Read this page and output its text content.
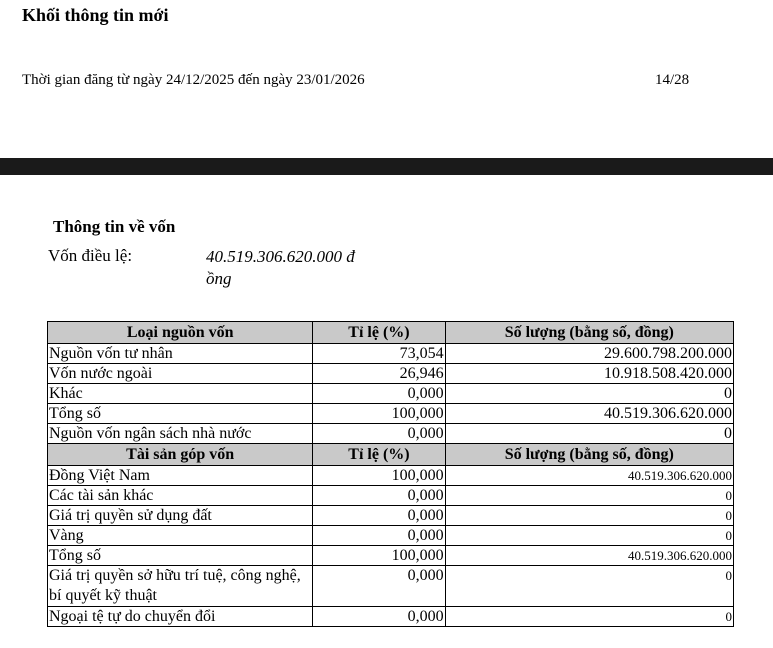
Khối thông tin mới
Thời gian đăng từ ngày 24/12/2025 đến ngày 23/01/2026	14/28
Thông tin về vốn
Vốn điều lệ:	40.519.306.620.000 đồng
Loại nguồn vốn	Tỉ lệ (%)	Số lượng (bằng số, đồng)
Nguồn vốn tư nhân	73,054	29.600.798.200.000
Vốn nước ngoài	26,946	10.918.508.420.000
Khác	0,000	0
Tổng số	100,000	40.519.306.620.000
Nguồn vốn ngân sách nhà nước	0,000	0
Tài sản góp vốn	Tỉ lệ (%)	Số lượng (bằng số, đồng)
Đồng Việt Nam	100,000	40.519.306.620.000
Các tài sản khác	0,000	0
Giá trị quyền sử dụng đất	0,000	0
Vàng	0,000	0
Tổng số	100,000	40.519.306.620.000
Giá trị quyền sở hữu trí tuệ, công nghệ, bí quyết kỹ thuật	0,000	0
Ngoại tệ tự do chuyển đổi	0,000	0
